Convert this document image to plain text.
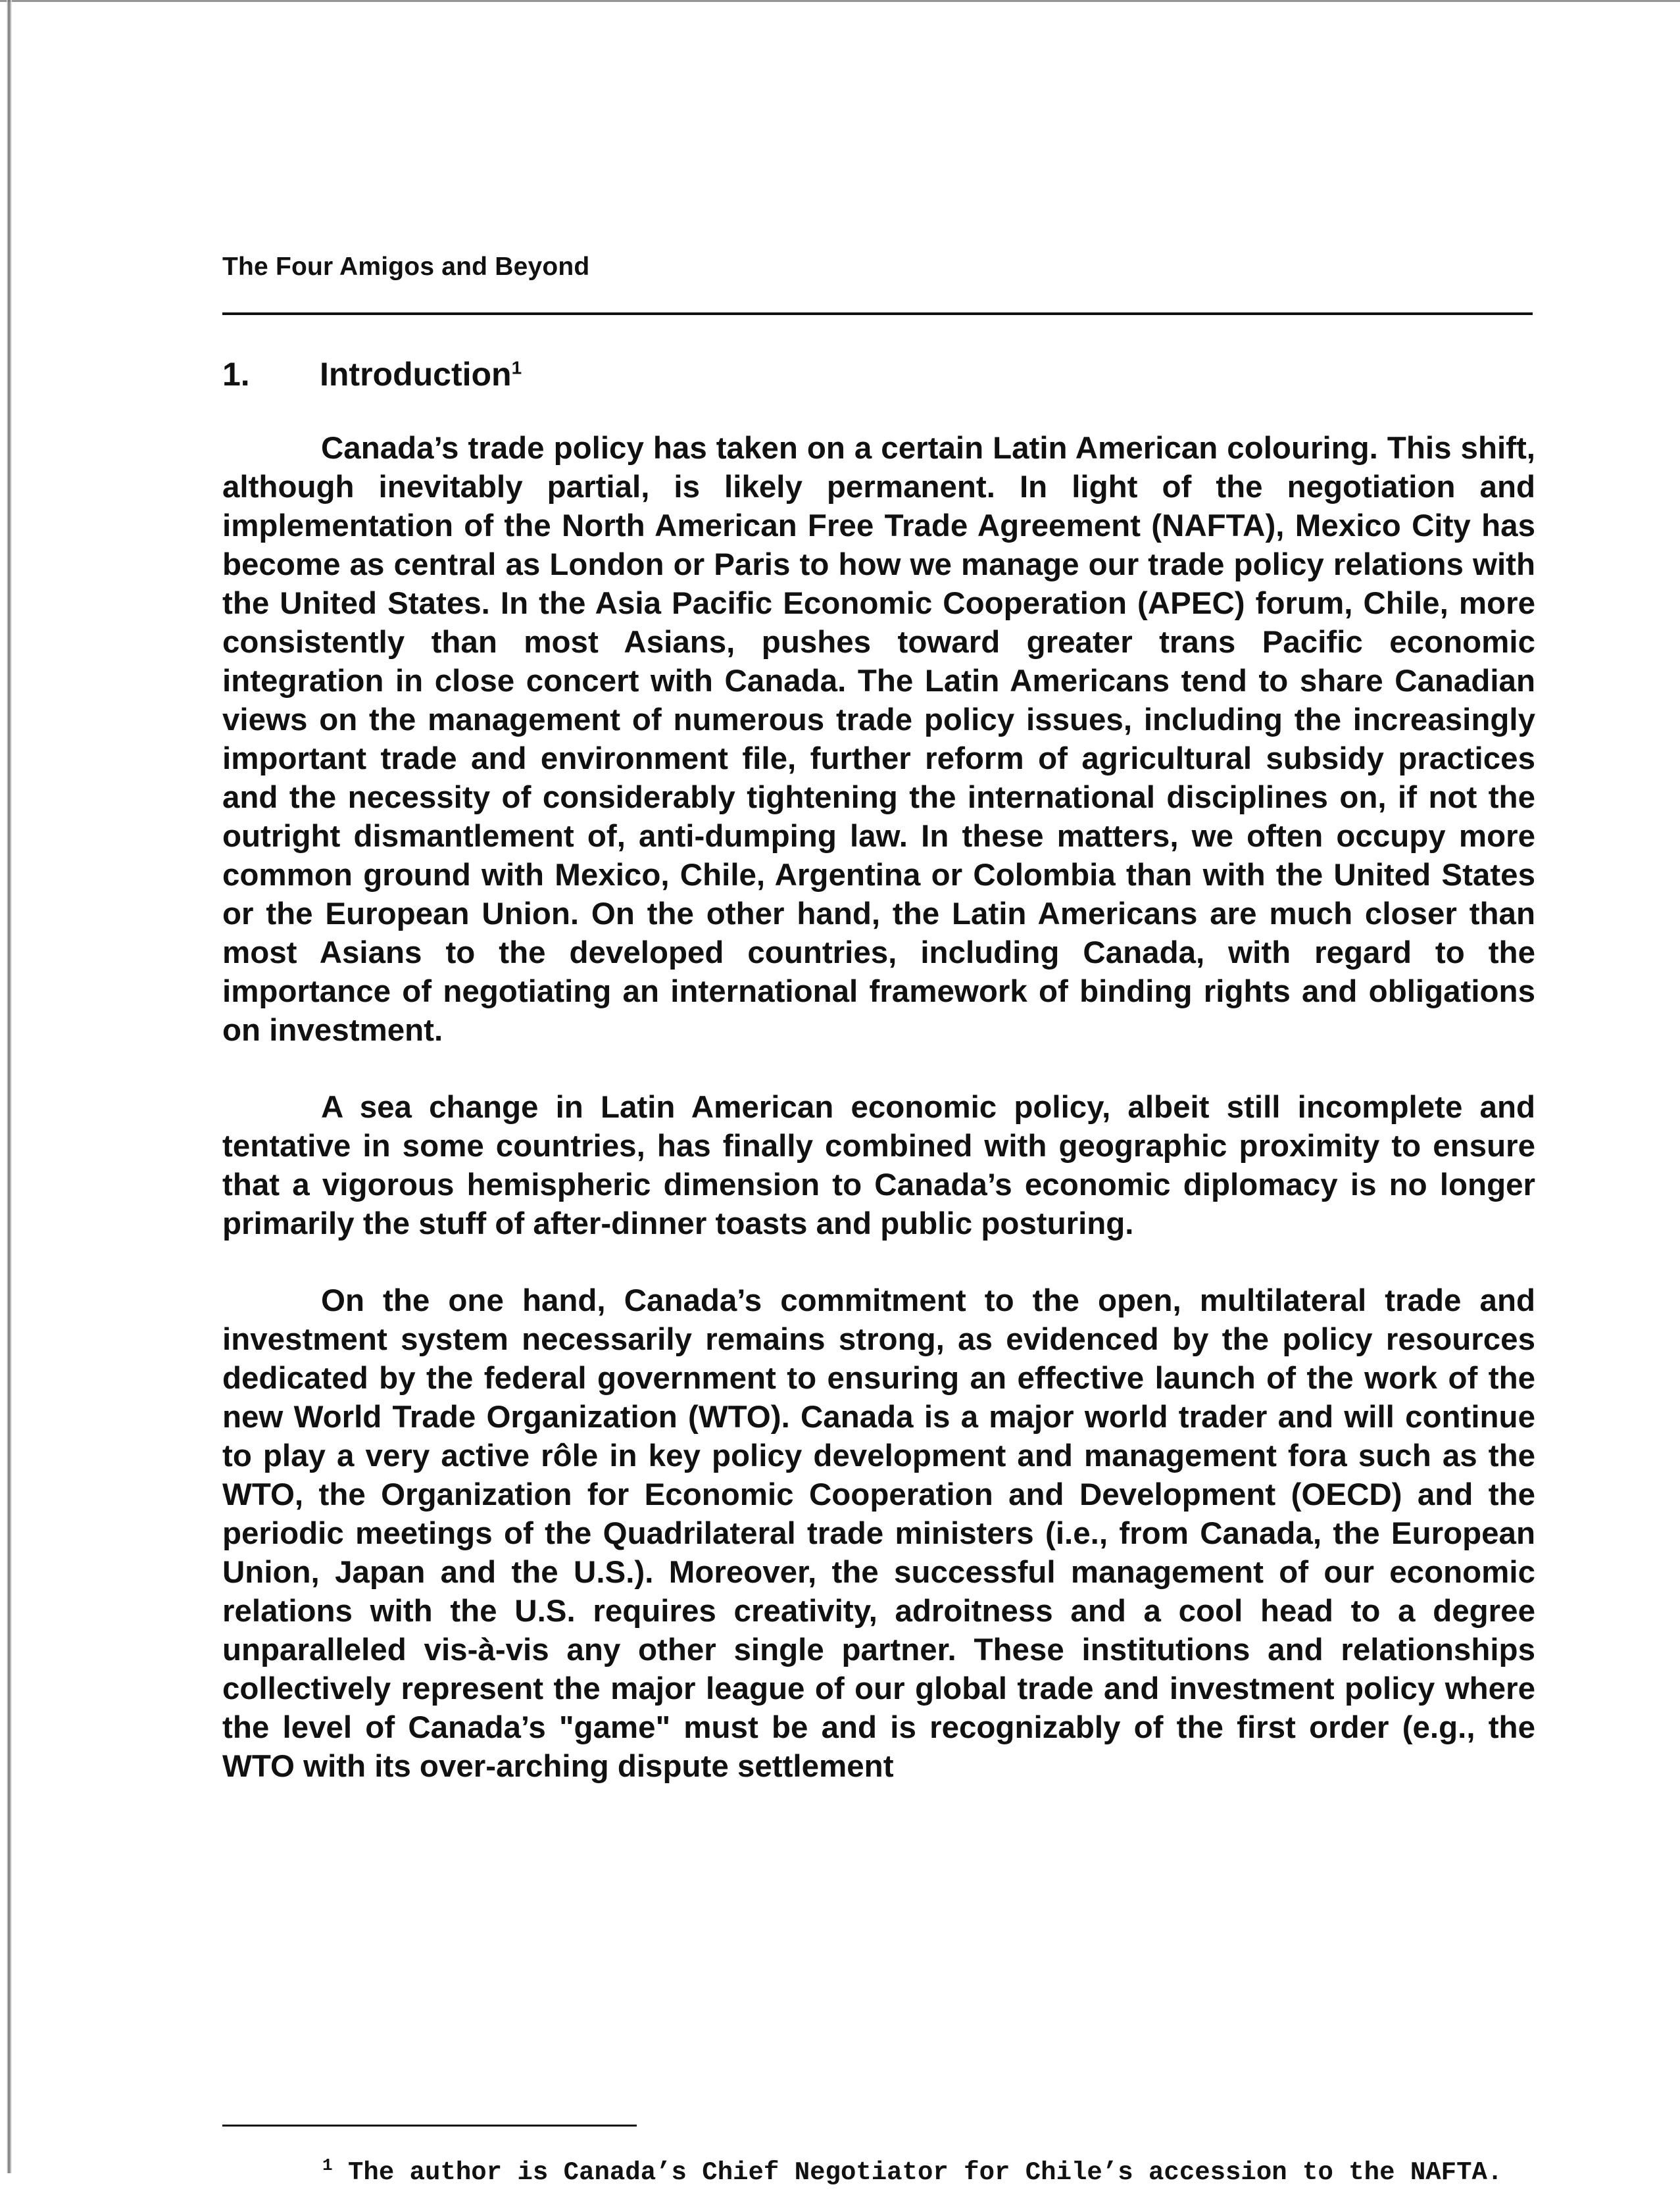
The Four Amigos and Beyond
1.	Introduction$^1$

Canada’s trade policy has taken on a certain Latin American colouring. This shift, although inevitably partial, is likely permanent. In light of the negotiation and implementation of the North American Free Trade Agreement (NAFTA), Mexico City has become as central as London or Paris to how we manage our trade policy relations with the United States. In the Asia Pacific Economic Cooperation (APEC) forum, Chile, more consistently than most Asians, pushes toward greater trans Pacific economic integration in close concert with Canada. The Latin Americans tend to share Canadian views on the management of numerous trade policy issues, including the increasingly important trade and environment file, further reform of agricultural subsidy practices and the necessity of considerably tightening the international disciplines on, if not the outright dismantlement of, anti-dumping law. In these matters, we often occupy more common ground with Mexico, Chile, Argentina or Colombia than with the United States or the European Union. On the other hand, the Latin Americans are much closer than most Asians to the developed countries, including Canada, with regard to the importance of negotiating an international framework of binding rights and obligations on investment.

A sea change in Latin American economic policy, albeit still incomplete and tentative in some countries, has finally combined with geographic proximity to ensure that a vigorous hemispheric dimension to Canada’s economic diplomacy is no longer primarily the stuff of after-dinner toasts and public posturing.

On the one hand, Canada’s commitment to the open, multilateral trade and investment system necessarily remains strong, as evidenced by the policy resources dedicated by the federal government to ensuring an effective launch of the work of the new World Trade Organization (WTO). Canada is a major world trader and will continue to play a very active rôle in key policy development and management fora such as the WTO, the Organization for Economic Cooperation and Development (OECD) and the periodic meetings of the Quadrilateral trade ministers (i.e., from Canada, the European Union, Japan and the U.S.). Moreover, the successful management of our economic relations with the U.S. requires creativity, adroitness and a cool head to a degree unparalleled vis-à-vis any other single partner. These institutions and relationships collectively represent the major league of our global trade and investment policy where the level of Canada’s "game" must be and is recognizably of the first order (e.g., the WTO with its over-arching dispute settlement

1 The author is Canada’s Chief Negotiator for Chile’s accession to the NAFTA.
